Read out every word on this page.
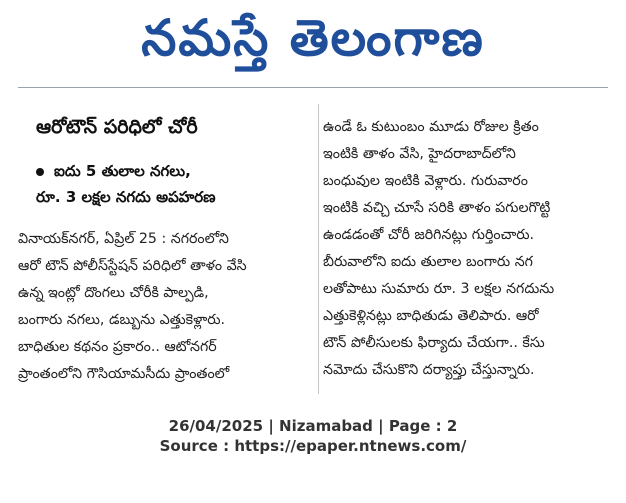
నమస్తే తెలంగాణ
ఆరోటౌన్ పరిధిలో చోరీ
ఐదు 5 తులాల నగలు,
రూ. 3 లక్షల నగదు అపహరణ
వినాయక్‌నగర్, ఏప్రిల్ 25 : నగరంలోని
ఆరో టౌన్ పోలీస్‌స్టేషన్ పరిధిలో తాళం వేసి
ఉన్న ఇంట్లో దొంగలు చోరీకి పాల్పడి,
బంగారు నగలు, డబ్బును ఎత్తుకెళ్లారు.
బాధితుల కథనం ప్రకారం.. ఆటోనగర్
ప్రాంతంలోని గౌసియామసీదు ప్రాంతంలో
ఉండే ఓ కుటుంబం మూడు రోజుల క్రితం
ఇంటికి తాళం వేసి, హైదరాబాద్‌లోని
బంధువుల ఇంటికి వెళ్లారు. గురువారం
ఇంటికి వచ్చి చూసే సరికి తాళం పగులగొట్టి
ఉండడంతో చోరీ జరిగినట్లు గుర్తించారు.
బీరువాలోని ఐదు తులాల బంగారు నగ
లతోపాటు సుమారు రూ. 3 లక్షల నగదును
ఎత్తుకెళ్లినట్లు బాధితుడు తెలిపారు. ఆరో
టౌన్ పోలీసులకు ఫిర్యాదు చేయగా.. కేసు
నమోదు చేసుకొని దర్యాప్తు చేస్తున్నారు.
26/04/2025 | Nizamabad | Page : 2
Source : https://epaper.ntnews.com/
